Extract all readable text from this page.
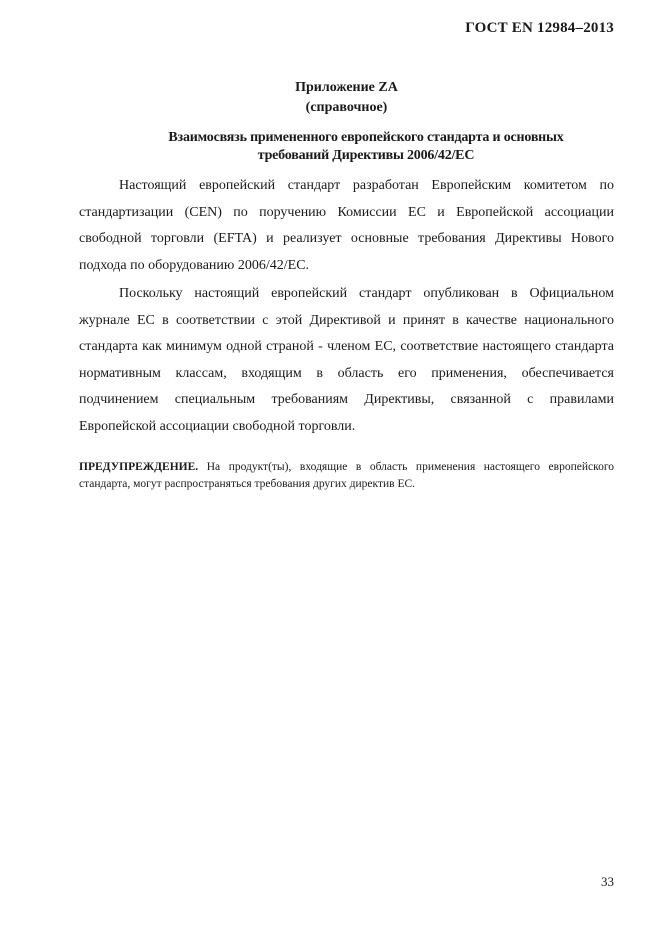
ГОСТ EN 12984–2013
Приложение ZA
(справочное)
Взаимосвязь примененного европейского стандарта и основных
требований Директивы 2006/42/ЕС

Настоящий европейский стандарт разработан Европейским комитетом по стандартизации (CEN) по поручению Комиссии ЕС и Европейской ассоциации свободной торговли (EFTA) и реализует основные требования Директивы Нового подхода по оборудованию 2006/42/ЕС.

Поскольку настоящий европейский стандарт опубликован в Официальном журнале ЕС в соответствии с этой Директивой и принят в качестве национального стандарта как минимум одной страной - членом ЕС, соответствие настоящего стандарта нормативным классам, входящим в область его применения, обеспечивается подчинением специальным требованиям Директивы, связанной с правилами Европейской ассоциации свободной торговли.

ПРЕДУПРЕЖДЕНИЕ. На продукт(ты), входящие в область применения настоящего европейского стандарта, могут распространяться требования других директив ЕС.
33
